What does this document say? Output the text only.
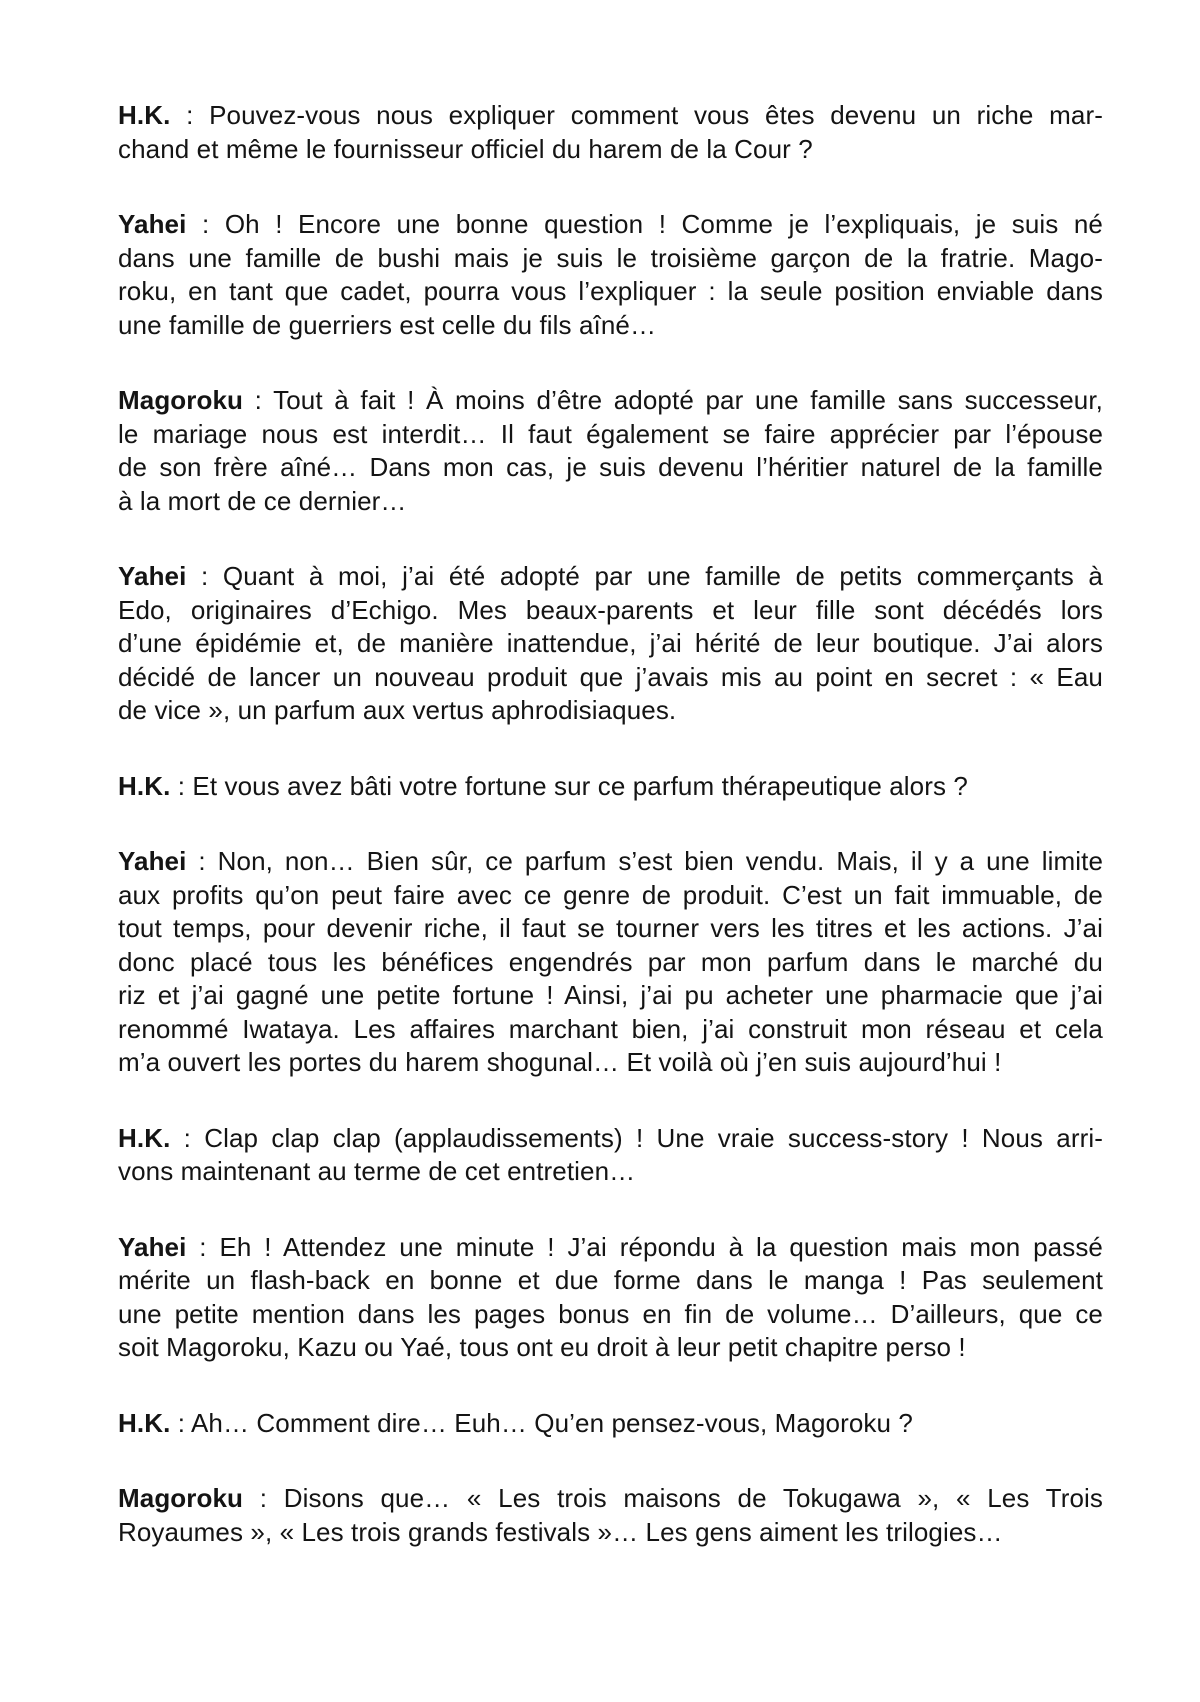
H.K. : Pouvez-vous nous expliquer comment vous êtes devenu un riche mar-
chand et même le fournisseur officiel du harem de la Cour ?
Yahei : Oh ! Encore une bonne question ! Comme je l’expliquais, je suis né
dans une famille de bushi mais je suis le troisième garçon de la fratrie. Mago-
roku, en tant que cadet, pourra vous l’expliquer : la seule position enviable dans
une famille de guerriers est celle du fils aîné…
Magoroku : Tout à fait ! À moins d’être adopté par une famille sans successeur,
le mariage nous est interdit… Il faut également se faire apprécier par l’épouse
de son frère aîné… Dans mon cas, je suis devenu l’héritier naturel de la famille
à la mort de ce dernier…
Yahei : Quant à moi, j’ai été adopté par une famille de petits commerçants à
Edo, originaires d’Echigo. Mes beaux-parents et leur fille sont décédés lors
d’une épidémie et, de manière inattendue, j’ai hérité de leur boutique. J’ai alors
décidé de lancer un nouveau produit que j’avais mis au point en secret : « Eau
de vice », un parfum aux vertus aphrodisiaques.
H.K. : Et vous avez bâti votre fortune sur ce parfum thérapeutique alors ?
Yahei : Non, non… Bien sûr, ce parfum s’est bien vendu. Mais, il y a une limite
aux profits qu’on peut faire avec ce genre de produit. C’est un fait immuable, de
tout temps, pour devenir riche, il faut se tourner vers les titres et les actions. J’ai
donc placé tous les bénéfices engendrés par mon parfum dans le marché du
riz et j’ai gagné une petite fortune ! Ainsi, j’ai pu acheter une pharmacie que j’ai
renommé Iwataya. Les affaires marchant bien, j’ai construit mon réseau et cela
m’a ouvert les portes du harem shogunal… Et voilà où j’en suis aujourd’hui !
H.K. : Clap clap clap (applaudissements) ! Une vraie success-story ! Nous arri-
vons maintenant au terme de cet entretien…
Yahei : Eh ! Attendez une minute ! J’ai répondu à la question mais mon passé
mérite un flash-back en bonne et due forme dans le manga ! Pas seulement
une petite mention dans les pages bonus en fin de volume… D’ailleurs, que ce
soit Magoroku, Kazu ou Yaé, tous ont eu droit à leur petit chapitre perso !
H.K. : Ah… Comment dire… Euh… Qu’en pensez-vous, Magoroku ?
Magoroku : Disons que… « Les trois maisons de Tokugawa », « Les Trois
Royaumes », « Les trois grands festivals »… Les gens aiment les trilogies…
